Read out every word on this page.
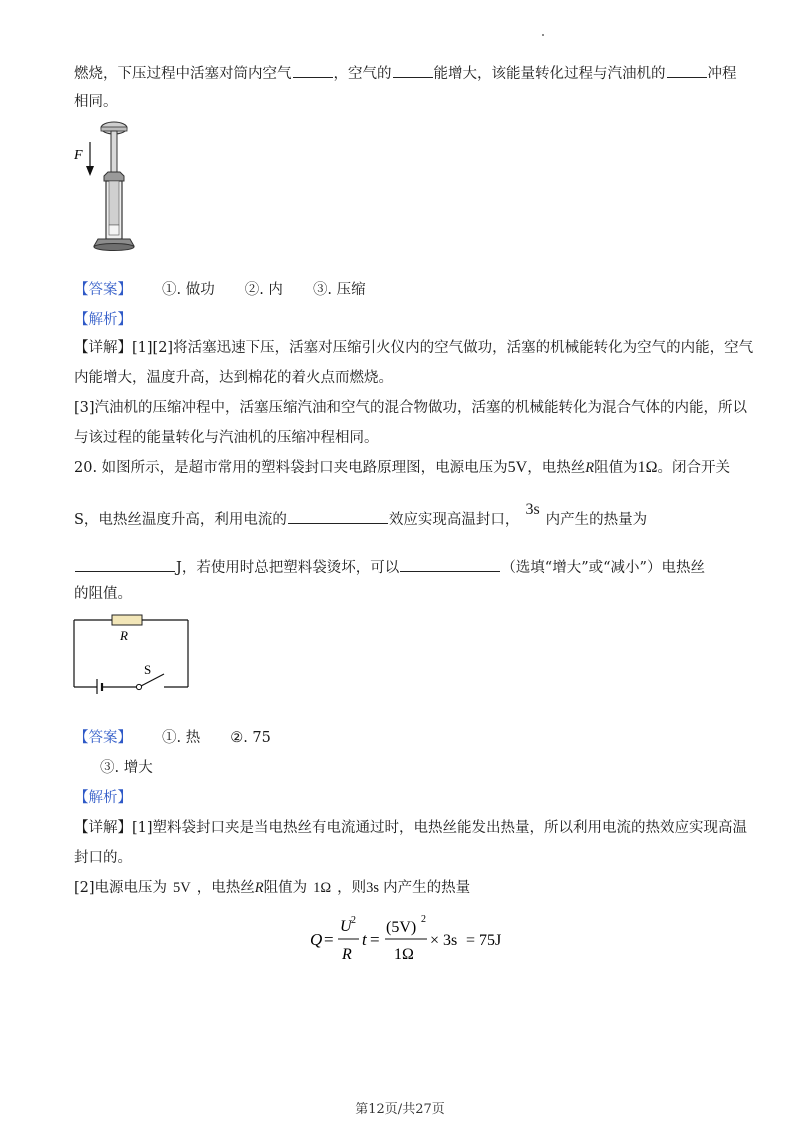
燃烧，下压过程中活塞对筒内空气	，空气的	能增大，该能量转化过程与汽油机的	冲程
相同。
F
【答案】 ①. 做功 ②. 内 ③. 压缩
【解析】
【详解】[1][2]将活塞迅速下压，活塞对压缩引火仪内的空气做功，活塞的机械能转化为空气的内能，空气
内能增大，温度升高，达到棉花的着火点而燃烧。
[3]汽油机的压缩冲程中，活塞压缩汽油和空气的混合物做功，活塞的机械能转化为混合气体的内能，所以
与该过程的能量转化与汽油机的压缩冲程相同。
20. 如图所示，是超市常用的塑料袋封口夹电路原理图，电源电压为5V，电热丝R阻值为1Ω。闭合开关
S，电热丝温度升高，利用电流的	效应实现高温封口，3s内产生的热量为
J，若使用时总把塑料袋烫坏，可以	（选填“增大”或“减小”）电热丝
的阻值。
R
S
【答案】 ①. 热 ②. 75
③. 增大
【解析】
【详解】[1]塑料袋封口夹是当电热丝有电流通过时，电热丝能发出热量，所以利用电流的热效应实现高温
封口的。
[2]电源电压为 5V ，电热丝R阻值为 1Ω ，则3s 内产生的热量
Q =
U 2
R
t =
(5V) 2
1Ω
× 3s = 75J
第12页/共27页
